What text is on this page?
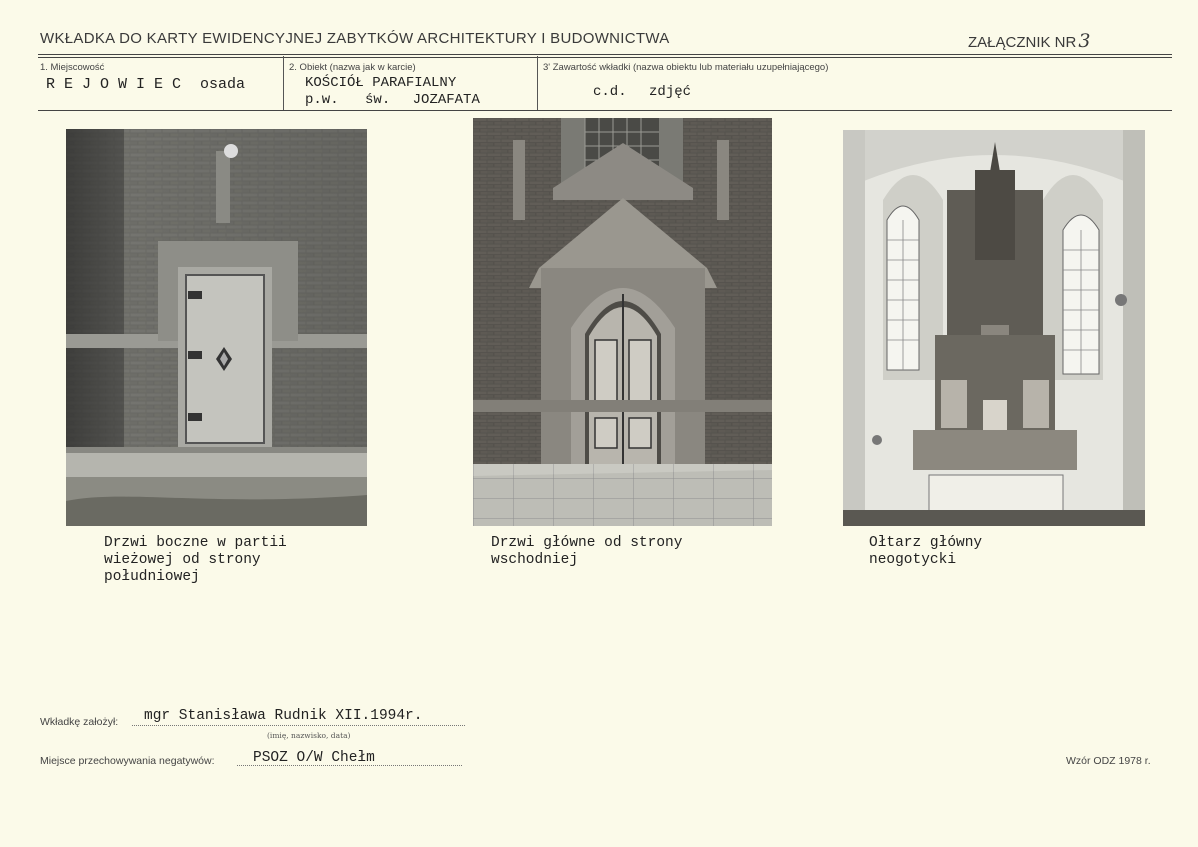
WKŁADKA DO KARTY EWIDENCYJNEJ ZABYTKÓW ARCHITEKTURY I BUDOWNICTWA	ZAŁĄCZNIK NR 3
1. Miejscowość
R E J O W I E C osada
2. Obiekt (nazwa jak w karcie)
KOŚCIÓŁ PARAFIALNY
p.w. św. JOZAFATA
3' Zawartość wkładki (nazwa obiektu lub materiału uzupełniającego)
c.d. zdjęć
Drzwi boczne w partii
wieżowej od strony
południowej
Drzwi główne od strony
wschodniej
Ołtarz główny
neogotycki
Wkładkę założył: mgr Stanisława Rudnik XII.1994r.
(imię, nazwisko, data)
Miejsce przechowywania negatywów:	PSOZ O/W Chełm	Wzór ODZ 1978 r.
